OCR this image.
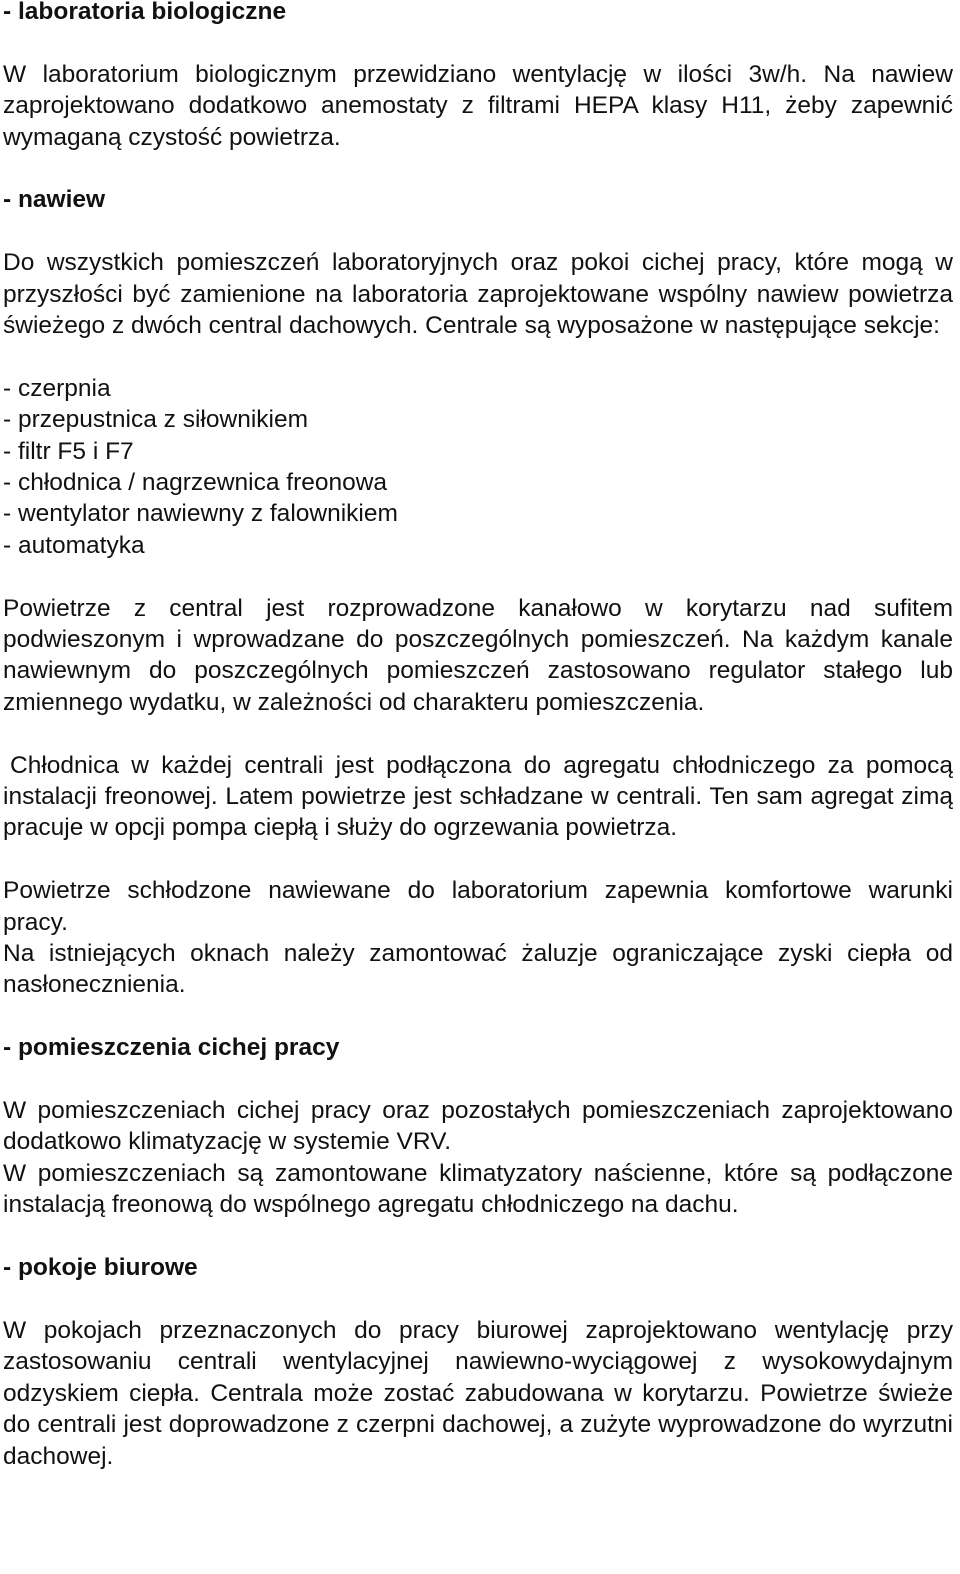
- laboratoria biologiczne

W laboratorium biologicznym przewidziano wentylację w ilości 3w/h. Na nawiew zaprojektowano dodatkowo anemostaty z filtrami HEPA klasy H11, żeby zapewnić wymaganą czystość powietrza.

- nawiew

Do wszystkich pomieszczeń laboratoryjnych oraz pokoi cichej pracy, które mogą w przyszłości być zamienione na laboratoria zaprojektowane wspólny nawiew powietrza świeżego z dwóch central dachowych. Centrale są wyposażone w następujące sekcje:

- czerpnia
- przepustnica z siłownikiem
- filtr F5 i F7
- chłodnica / nagrzewnica freonowa
- wentylator nawiewny z falownikiem
- automatyka

Powietrze z central jest rozprowadzone kanałowo w korytarzu nad sufitem podwieszonym i wprowadzane do poszczególnych pomieszczeń. Na każdym kanale nawiewnym do poszczególnych pomieszczeń zastosowano regulator stałego lub zmiennego wydatku, w zależności od charakteru pomieszczenia.

Chłodnica w każdej centrali jest podłączona do agregatu chłodniczego za pomocą instalacji freonowej. Latem powietrze jest schładzane w centrali. Ten sam agregat zimą pracuje w opcji pompa ciepłą i służy do ogrzewania powietrza.

Powietrze schłodzone nawiewane do laboratorium zapewnia komfortowe warunki pracy.

Na istniejących oknach należy zamontować żaluzje ograniczające zyski ciepła od nasłonecznienia.

- pomieszczenia cichej pracy

W pomieszczeniach cichej pracy oraz pozostałych pomieszczeniach zaprojektowano dodatkowo klimatyzację w systemie VRV.

W pomieszczeniach są zamontowane klimatyzatory naścienne, które są podłączone instalacją freonową do wspólnego agregatu chłodniczego na dachu.

- pokoje biurowe

W pokojach przeznaczonych do pracy biurowej zaprojektowano wentylację przy zastosowaniu centrali wentylacyjnej nawiewno-wyciągowej z wysokowydajnym odzyskiem ciepła. Centrala może zostać zabudowana w korytarzu. Powietrze świeże do centrali jest doprowadzone z czerpni dachowej, a zużyte wyprowadzone do wyrzutni dachowej.
